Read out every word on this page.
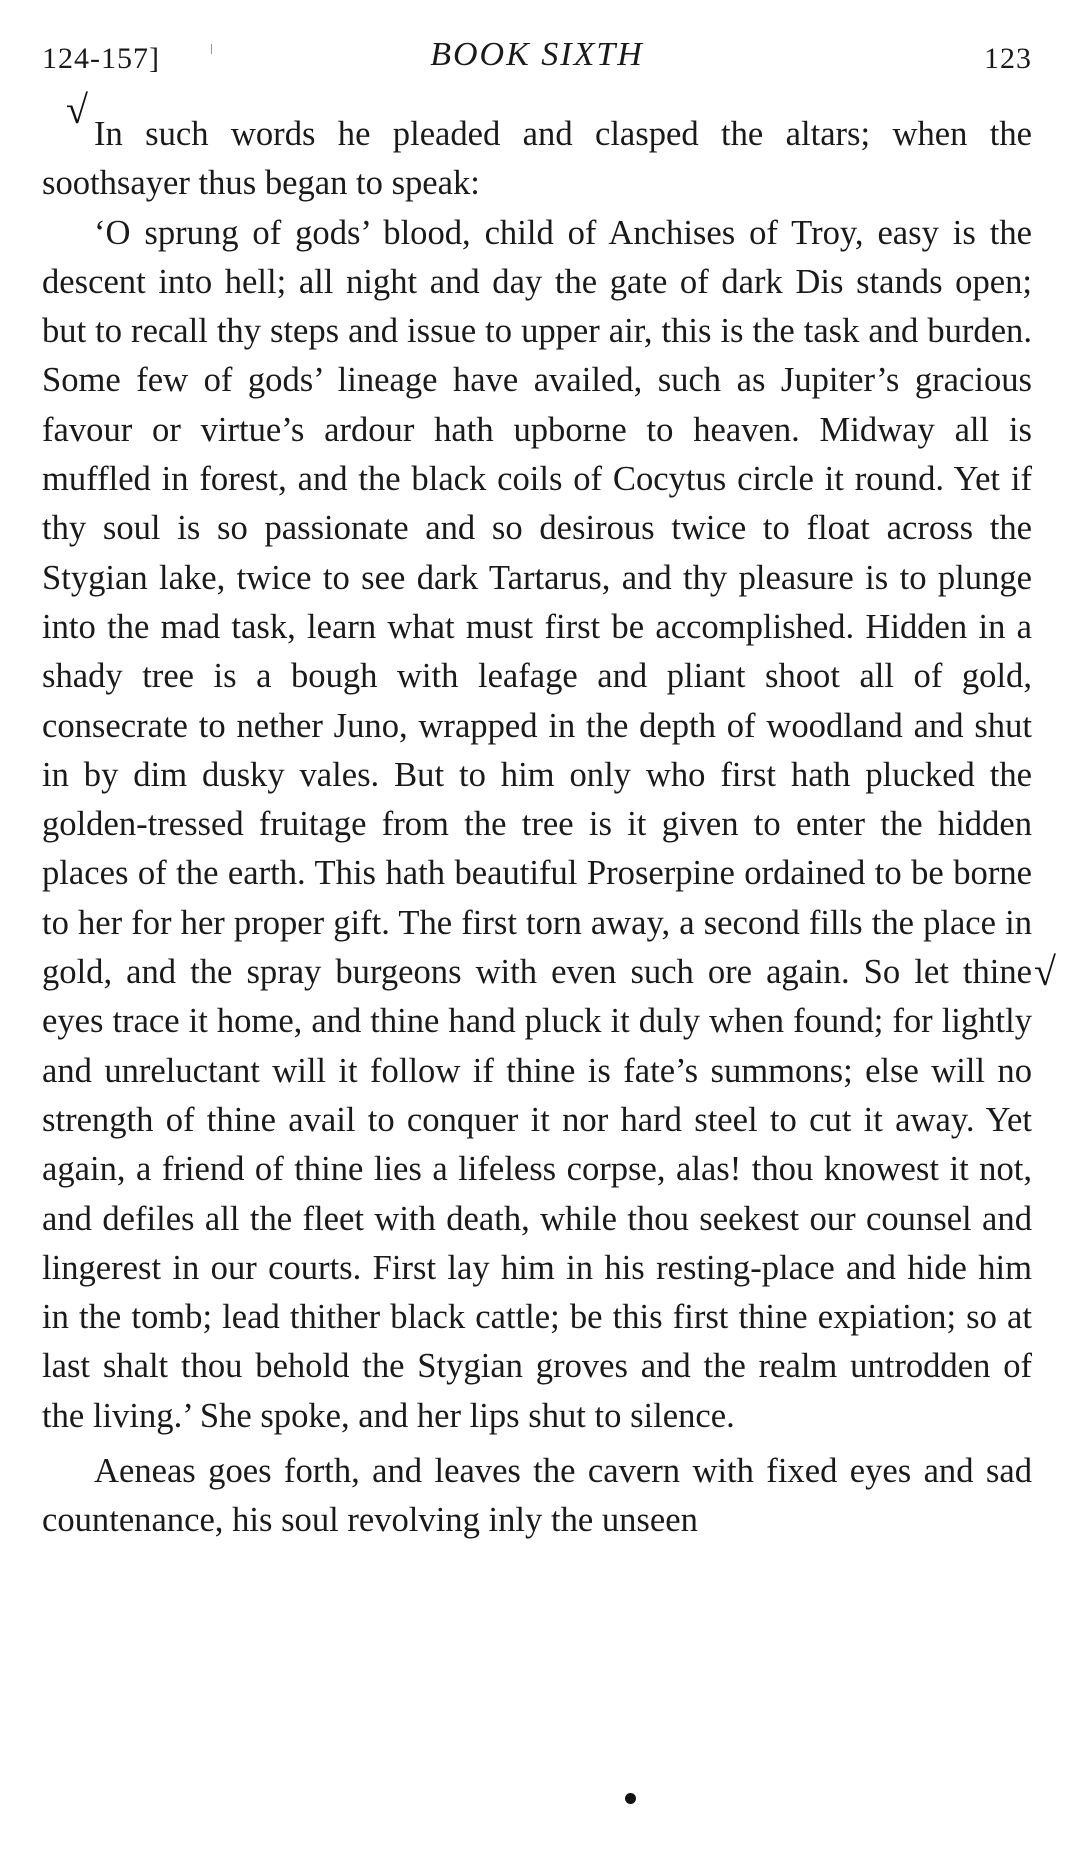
124-157]	BOOK SIXTH	123
√

In such words he pleaded and clasped the altars; when the soothsayer thus began to speak:

‘O sprung of gods’ blood, child of Anchises of Troy, easy is the descent into hell; all night and day the gate of dark Dis stands open; but to recall thy steps and issue to upper air, this is the task and burden. Some few of gods’ lineage have availed, such as Jupiter’s gracious favour or virtue’s ardour hath upborne to heaven. Midway all is muffled in forest, and the black coils of Cocytus circle it round. Yet if thy soul is so passionate and so desirous twice to float across the Stygian lake, twice to see dark Tartarus, and thy pleasure is to plunge into the mad task, learn what must first be accomplished. Hidden in a shady tree is a bough with leafage and pliant shoot all of gold, consecrate to nether Juno, wrapped in the depth of woodland and shut in by dim dusky vales. But to him only who first hath plucked the golden-tressed fruitage from the tree is it given to enter the hidden places of the earth. This hath beautiful Proserpine ordained to be borne to her for her proper gift. The first torn away, a second fills the place in gold, and the spray burgeons with even such ore again. So let thine eyes trace it home, and thine hand pluck it duly when found; for lightly and unreluctant will it follow if thine is fate’s summons; else will no strength of thine avail to conquer it nor hard steel to cut it away. Yet again, a friend of thine lies a lifeless corpse, alas! thou knowest it not, and defiles all the fleet with death, while thou seekest our counsel and lingerest in our courts. First lay him in his resting-place and hide him in the tomb; lead thither black cattle; be this first thine expiation; so at last shalt thou behold the Stygian groves and the realm untrodden of the living.’ She spoke, and her lips shut to silence.

Aeneas goes forth, and leaves the cavern with fixed eyes and sad countenance, his soul revolving inly the unseen

√
